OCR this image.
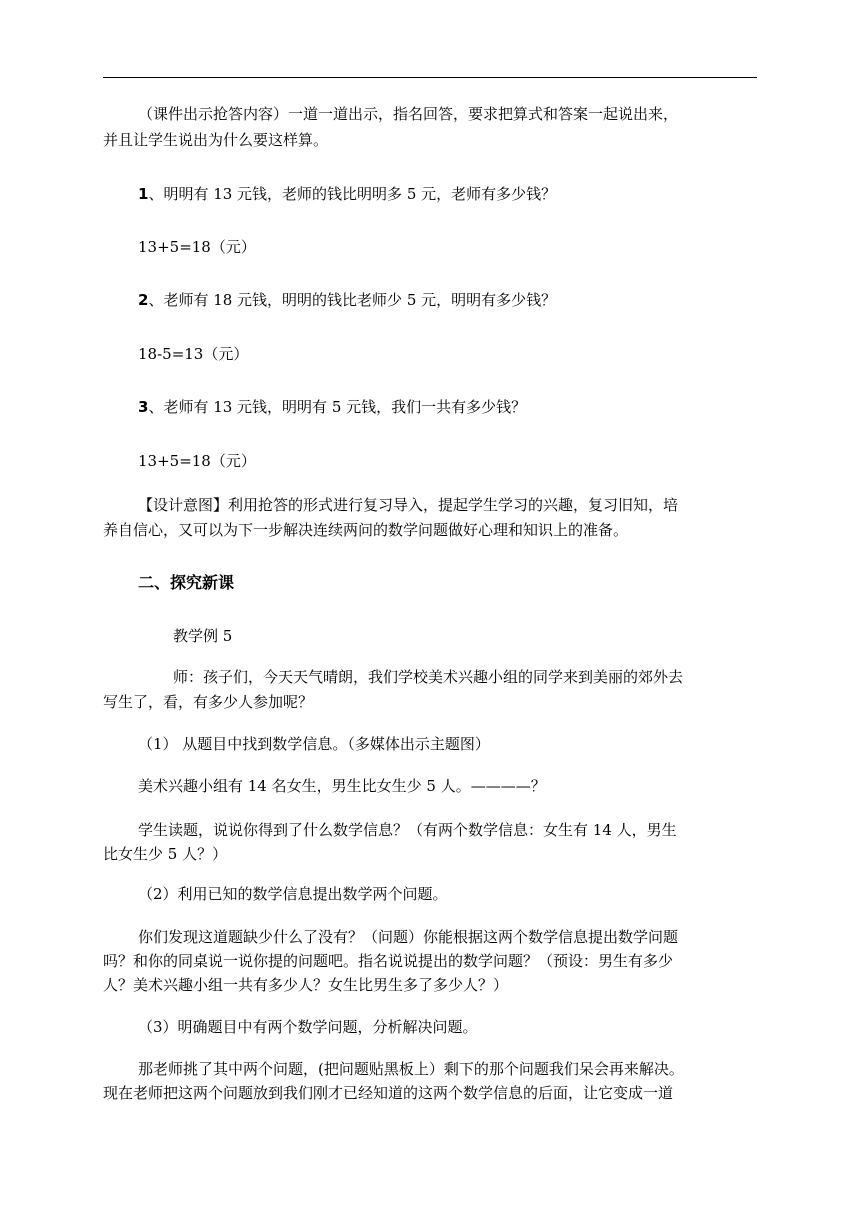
（课件出示抢答内容）一道一道出示，指名回答，要求把算式和答案一起说出来，
并且让学生说出为什么要这样算。
1、明明有 13 元钱，老师的钱比明明多 5 元，老师有多少钱？
13+5=18（元）
2、老师有 18 元钱，明明的钱比老师少 5 元，明明有多少钱？
18-5=13（元）
3、老师有 13 元钱，明明有 5 元钱，我们一共有多少钱？
13+5=18（元）
【设计意图】利用抢答的形式进行复习导入，提起学生学习的兴趣，复习旧知，培
养自信心，又可以为下一步解决连续两问的数学问题做好心理和知识上的准备。
二、探究新课
教学例 5
师：孩子们，今天天气晴朗，我们学校美术兴趣小组的同学来到美丽的郊外去
写生了，看，有多少人参加呢？
（1） 从题目中找到数学信息。（多媒体出示主题图）
美术兴趣小组有 14 名女生，男生比女生少 5 人。————？
学生读题，说说你得到了什么数学信息？（有两个数学信息：女生有 14 人，男生
比女生少 5 人？）
（2）利用已知的数学信息提出数学两个问题。
你们发现这道题缺少什么了没有？（问题）你能根据这两个数学信息提出数学问题
吗？和你的同桌说一说你提的问题吧。指名说说提出的数学问题？（预设：男生有多少
人？美术兴趣小组一共有多少人？女生比男生多了多少人？）
（3）明确题目中有两个数学问题，分析解决问题。
那老师挑了其中两个问题，(把问题贴黑板上）剩下的那个问题我们呆会再来解决。
现在老师把这两个问题放到我们刚才已经知道的这两个数学信息的后面，让它变成一道
